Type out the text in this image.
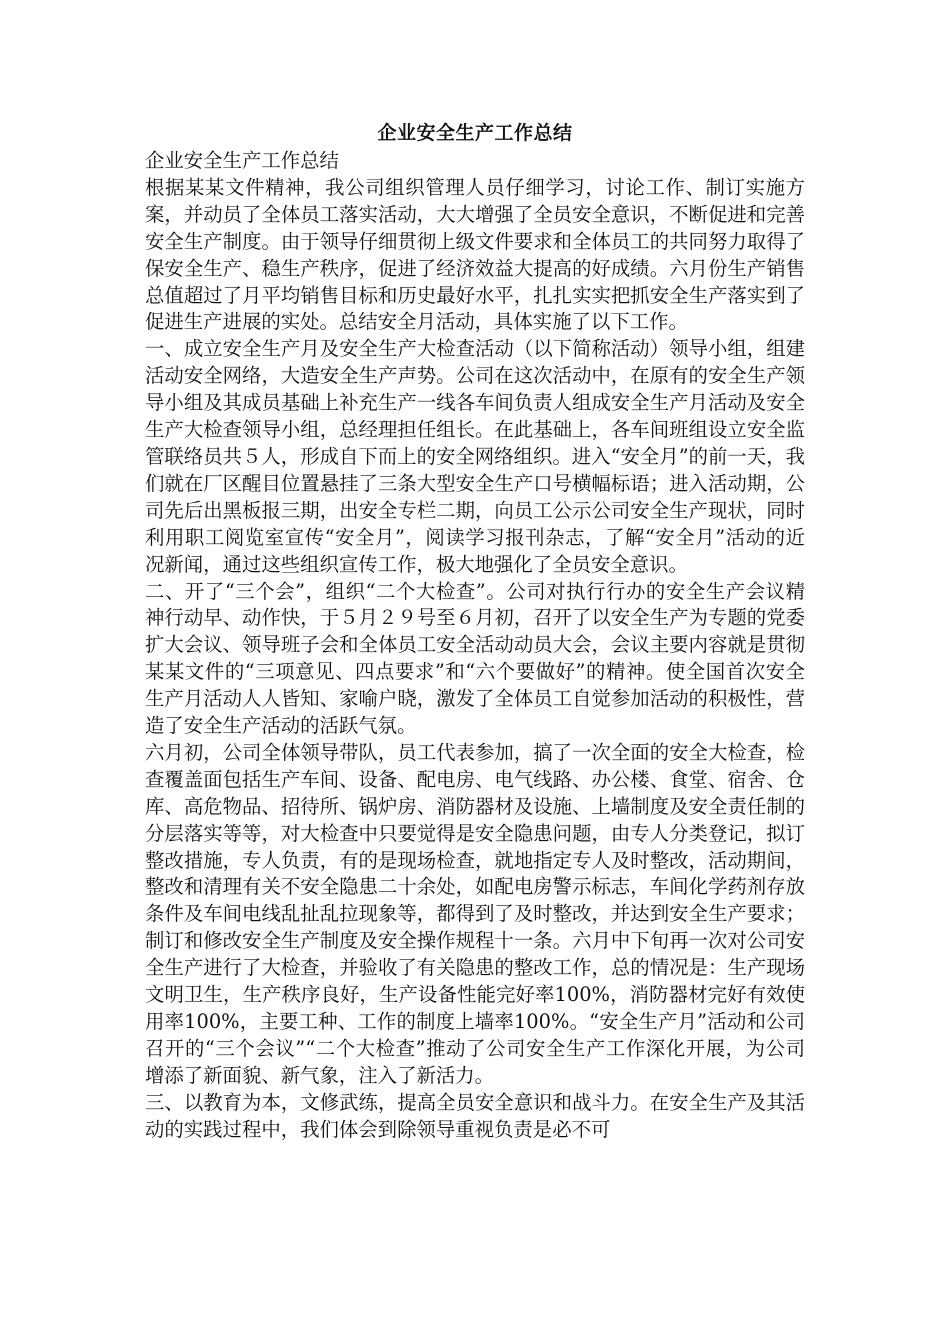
企业安全生产工作总结

企业安全生产工作总结

根据某某文件精神，我公司组织管理人员仔细学习，讨论工作、制订实施方案，并动员了全体员工落实活动，大大增强了全员安全意识，不断促进和完善安全生产制度。由于领导仔细贯彻上级文件要求和全体员工的共同努力取得了保安全生产、稳生产秩序，促进了经济效益大提高的好成绩。六月份生产销售总值超过了月平均销售目标和历史最好水平，扎扎实实把抓安全生产落实到了促进生产进展的实处。总结安全月活动，具体实施了以下工作。

一、成立安全生产月及安全生产大检查活动（以下简称活动）领导小组，组建活动安全网络，大造安全生产声势。公司在这次活动中，在原有的安全生产领导小组及其成员基础上补充生产一线各车间负责人组成安全生产月活动及安全生产大检查领导小组，总经理担任组长。在此基础上，各车间班组设立安全监管联络员共５人，形成自下而上的安全网络组织。进入“安全月”的前一天，我们就在厂区醒目位置悬挂了三条大型安全生产口号横幅标语；进入活动期，公司先后出黑板报三期，出安全专栏二期，向员工公示公司安全生产现状，同时利用职工阅览室宣传“安全月”，阅读学习报刊杂志，了解“安全月”活动的近况新闻，通过这些组织宣传工作，极大地强化了全员安全意识。

二、开了“三个会”，组织“二个大检查”。公司对执行行办的安全生产会议精神行动早、动作快，于５月２９号至６月初，召开了以安全生产为专题的党委扩大会议、领导班子会和全体员工安全活动动员大会，会议主要内容就是贯彻某某文件的“三项意见、四点要求”和“六个要做好”的精神。使全国首次安全生产月活动人人皆知、家喻户晓，激发了全体员工自觉参加活动的积极性，营造了安全生产活动的活跃气氛。

六月初，公司全体领导带队，员工代表参加，搞了一次全面的安全大检查，检查覆盖面包括生产车间、设备、配电房、电气线路、办公楼、食堂、宿舍、仓库、高危物品、招待所、锅炉房、消防器材及设施、上墙制度及安全责任制的分层落实等等，对大检查中只要觉得是安全隐患问题，由专人分类登记，拟订整改措施，专人负责，有的是现场检查，就地指定专人及时整改，活动期间，整改和清理有关不安全隐患二十余处，如配电房警示标志，车间化学药剂存放条件及车间电线乱扯乱拉现象等，都得到了及时整改，并达到安全生产要求；制订和修改安全生产制度及安全操作规程十一条。六月中下旬再一次对公司安全生产进行了大检查，并验收了有关隐患的整改工作，总的情况是：生产现场文明卫生，生产秩序良好，生产设备性能完好率100%，消防器材完好有效使用率100%，主要工种、工作的制度上墙率100%。“安全生产月”活动和公司召开的“三个会议”“二个大检查”推动了公司安全生产工作深化开展，为公司增添了新面貌、新气象，注入了新活力。

三、以教育为本，文修武练，提高全员安全意识和战斗力。在安全生产及其活动的实践过程中，我们体会到除领导重视负责是必不可
